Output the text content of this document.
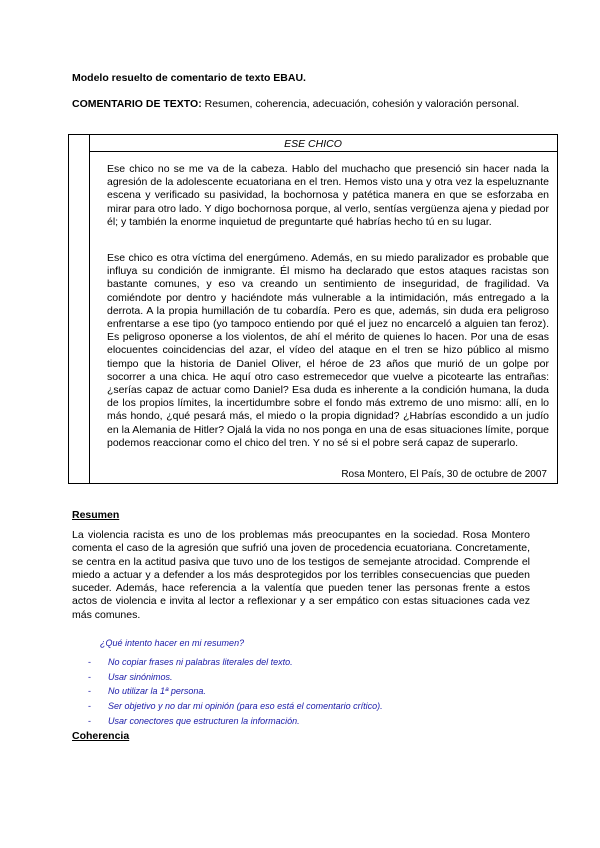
Modelo resuelto de comentario de texto EBAU.
COMENTARIO DE TEXTO: Resumen, coherencia, adecuación, cohesión y valoración personal.
ESE CHICO

Ese chico no se me va de la cabeza. Hablo del muchacho que presenció sin hacer nada la agresión de la adolescente ecuatoriana en el tren. Hemos visto una y otra vez la espeluznante escena y verificado su pasividad, la bochornosa y patética manera en que se esforzaba en mirar para otro lado. Y digo bochornosa porque, al verlo, sentías vergüenza ajena y piedad por él; y también la enorme inquietud de preguntarte qué habrías hecho tú en su lugar.

Ese chico es otra víctima del energúmeno. Además, en su miedo paralizador es probable que influya su condición de inmigrante. Él mismo ha declarado que estos ataques racistas son bastante comunes, y eso va creando un sentimiento de inseguridad, de fragilidad. Va comiéndote por dentro y haciéndote más vulnerable a la intimidación, más entregado a la derrota. A la propia humillación de tu cobardía. Pero es que, además, sin duda era peligroso enfrentarse a ese tipo (yo tampoco entiendo por qué el juez no encarceló a alguien tan feroz). Es peligroso oponerse a los violentos, de ahí el mérito de quienes lo hacen. Por una de esas elocuentes coincidencias del azar, el vídeo del ataque en el tren se hizo público al mismo tiempo que la historia de Daniel Oliver, el héroe de 23 años que murió de un golpe por socorrer a una chica. He aquí otro caso estremecedor que vuelve a picotearte las entrañas: ¿serías capaz de actuar como Daniel? Esa duda es inherente a la condición humana, la duda de los propios límites, la incertidumbre sobre el fondo más extremo de uno mismo: allí, en lo más hondo, ¿qué pesará más, el miedo o la propia dignidad? ¿Habrías escondido a un judío en la Alemania de Hitler? Ojalá la vida no nos ponga en una de esas situaciones límite, porque podemos reaccionar como el chico del tren. Y no sé si el pobre será capaz de superarlo.

Rosa Montero, El País, 30 de octubre de 2007
Resumen

La violencia racista es uno de los problemas más preocupantes en la sociedad. Rosa Montero comenta el caso de la agresión que sufrió una joven de procedencia ecuatoriana. Concretamente, se centra en la actitud pasiva que tuvo uno de los testigos de semejante atrocidad. Comprende el miedo a actuar y a defender a los más desprotegidos por los terribles consecuencias que pueden suceder. Además, hace referencia a la valentía que pueden tener las personas frente a estos actos de violencia e invita al lector a reflexionar y a ser empático con estas situaciones cada vez más comunes.

¿Qué intento hacer en mi resumen?
- No copiar frases ni palabras literales del texto.
- Usar sinónimos.
- No utilizar la 1ª persona.
- Ser objetivo y no dar mi opinión (para eso está el comentario crítico).
- Usar conectores que estructuren la información.
Coherencia
